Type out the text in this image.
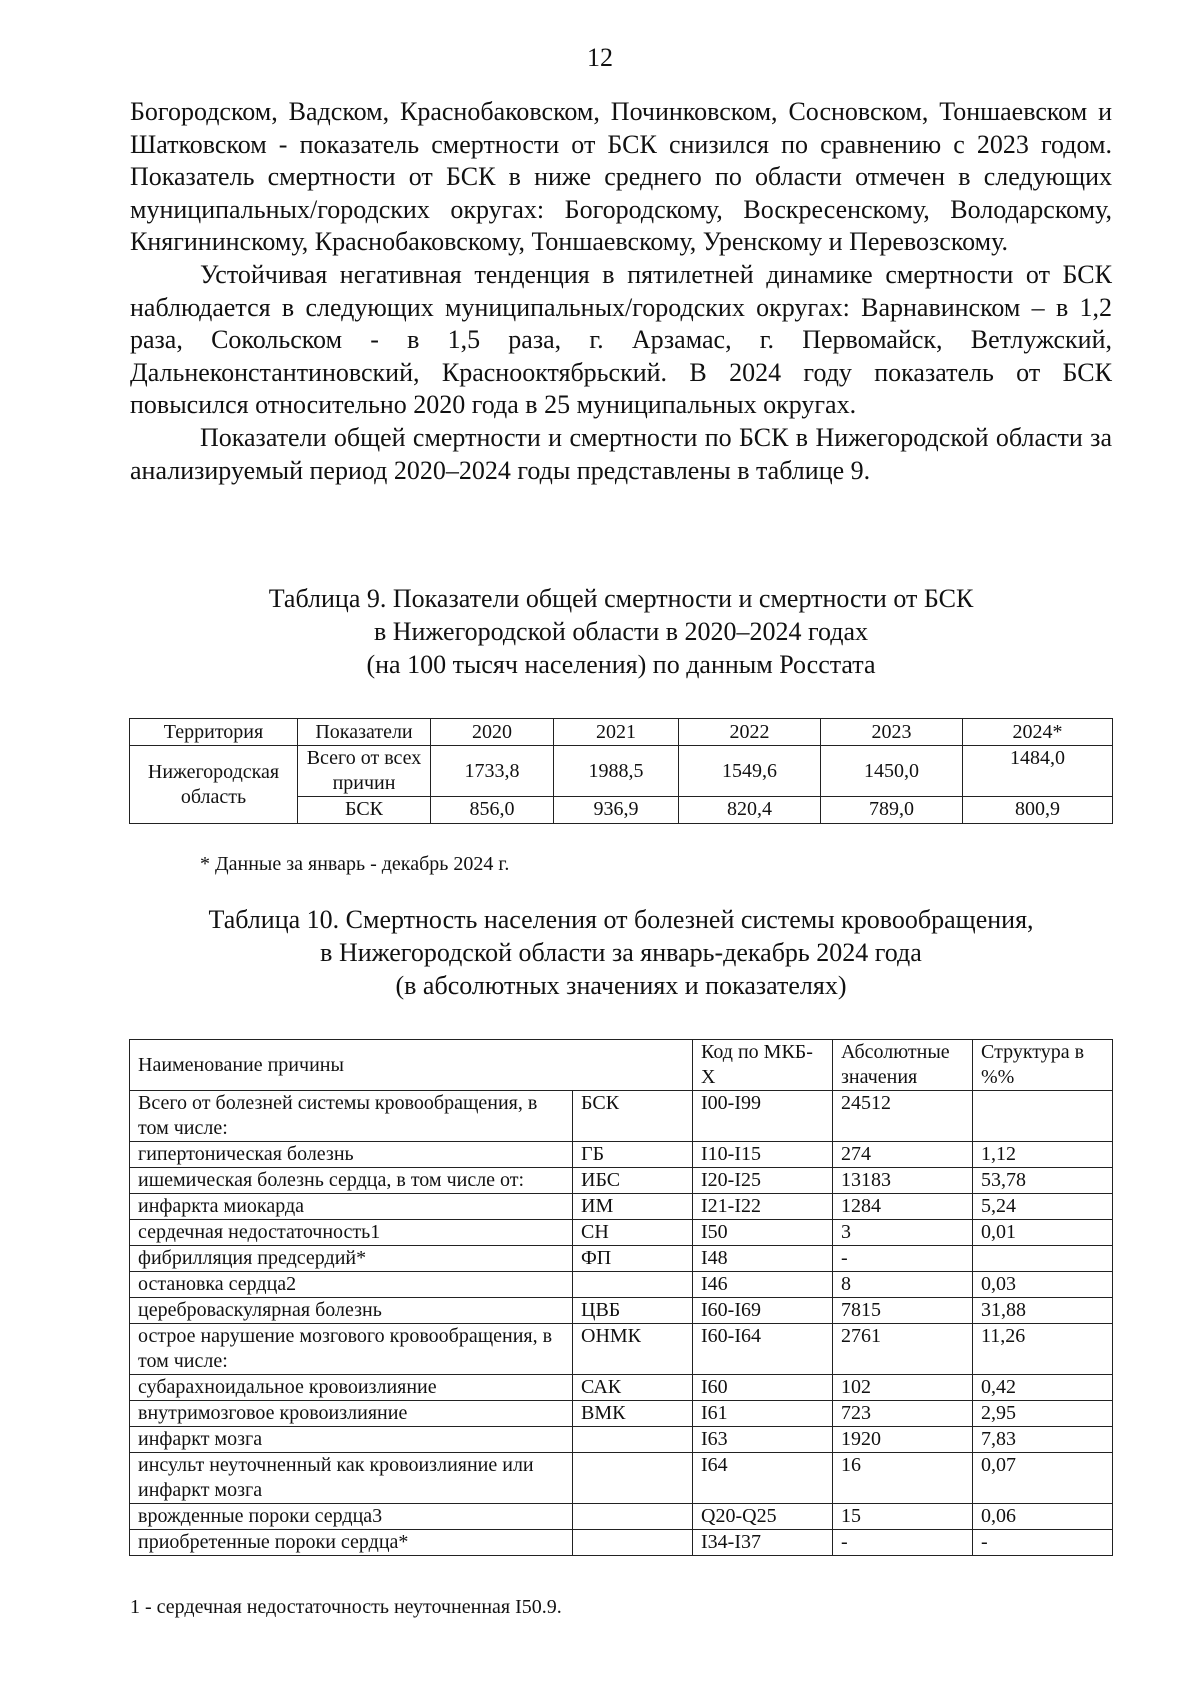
12

Богородском, Вадском, Краснобаковском, Починковском, Сосновском, Тоншаевском и Шатковском - показатель смертности от БСК снизился по сравнению с 2023 годом. Показатель смертности от БСК в ниже среднего по области отмечен в следующих муниципальных/городских округах: Богородскому, Воскресенскому, Володарскому, Княгининскому, Краснобаковскому, Тоншаевскому, Уренскому и Перевозскому.

Устойчивая негативная тенденция в пятилетней динамике смертности от БСК наблюдается в следующих муниципальных/городских округах: Варнавинском – в 1,2 раза, Сокольском - в 1,5 раза, г. Арзамас, г. Первомайск, Ветлужский, Дальнеконстантиновский, Краснооктябрьский. В 2024 году показатель от БСК повысился относительно 2020 года в 25 муниципальных округах.

Показатели общей смертности и смертности по БСК в Нижегородской области за анализируемый период 2020–2024 годы представлены в таблице 9.

Таблица 9. Показатели общей смертности и смертности от БСК
в Нижегородской области в 2020–2024 годах
(на 100 тысяч населения) по данным Росстата
Территория	Показатели	2020	2021	2022	2023	2024*
Нижегородская область	Всего от всех причин	1733,8	1988,5	1549,6	1450,0	1484,0
	БСК	856,0	936,9	820,4	789,0	800,9
* Данные за январь - декабрь 2024 г.
Таблица 10. Смертность населения от болезней системы кровообращения,
в Нижегородской области за январь-декабрь 2024 года
(в абсолютных значениях и показателях)
Наименование причины		Код по МКБ-Х	Абсолютные значения	Структура в %%
Всего от болезней системы кровообращения, в том числе:	БСК	I00-I99	24512	
гипертоническая болезнь	ГБ	I10-I15	274	1,12
ишемическая болезнь сердца, в том числе от:	ИБС	I20-I25	13183	53,78
инфаркта миокарда	ИМ	I21-I22	1284	5,24
сердечная недостаточность1	СН	I50	3	0,01
фибрилляция предсердий*	ФП	I48	-	
остановка сердца2		I46	8	0,03
цереброваскулярная болезнь	ЦВБ	I60-I69	7815	31,88
острое нарушение мозгового кровообращения, в том числе:	ОНМК	I60-I64	2761	11,26
субарахноидальное кровоизлияние	САК	I60	102	0,42
внутримозговое кровоизлияние	ВМК	I61	723	2,95
инфаркт мозга		I63	1920	7,83
инсульт неуточненный как кровоизлияние или инфаркт мозга		I64	16	0,07
врожденные пороки сердца3		Q20-Q25	15	0,06
приобретенные пороки сердца*		I34-I37	-	-
1 - сердечная недостаточность неуточненная I50.9.
